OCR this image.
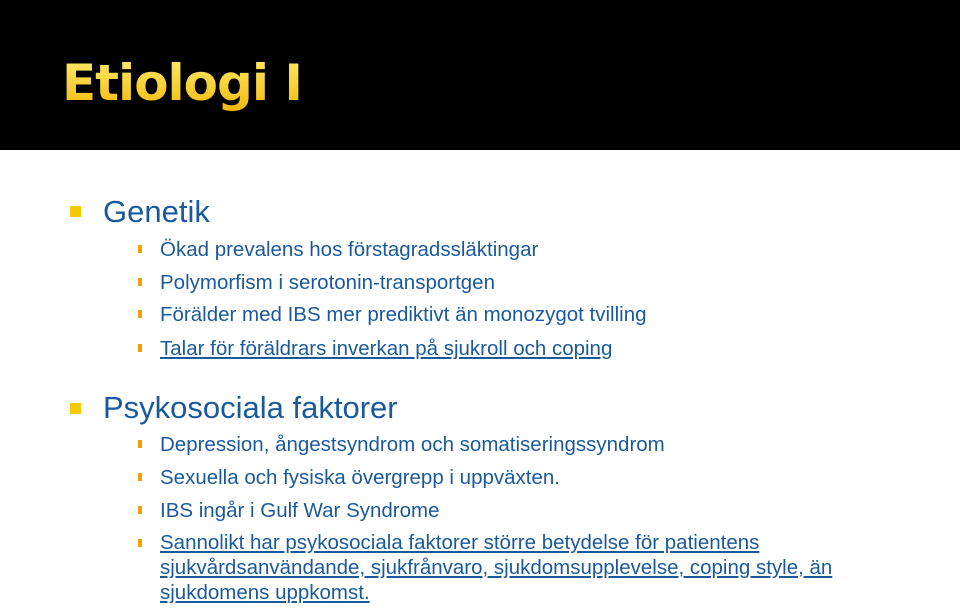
Etiologi I
Genetik
Ökad prevalens hos förstagradssläktingar
Polymorfism i serotonin-transportgen
Förälder med IBS mer prediktivt än monozygot tvilling
Talar för föräldrars inverkan på sjukroll och coping
Psykosociala faktorer
Depression, ångestsyndrom och somatiseringssyndrom
Sexuella och fysiska övergrepp i uppväxten.
IBS ingår i Gulf War Syndrome
Sannolikt har psykosociala faktorer större betydelse för patientens sjukvårdsanvändande, sjukfrånvaro, sjukdomsupplevelse, coping style, än sjukdomens uppkomst.
